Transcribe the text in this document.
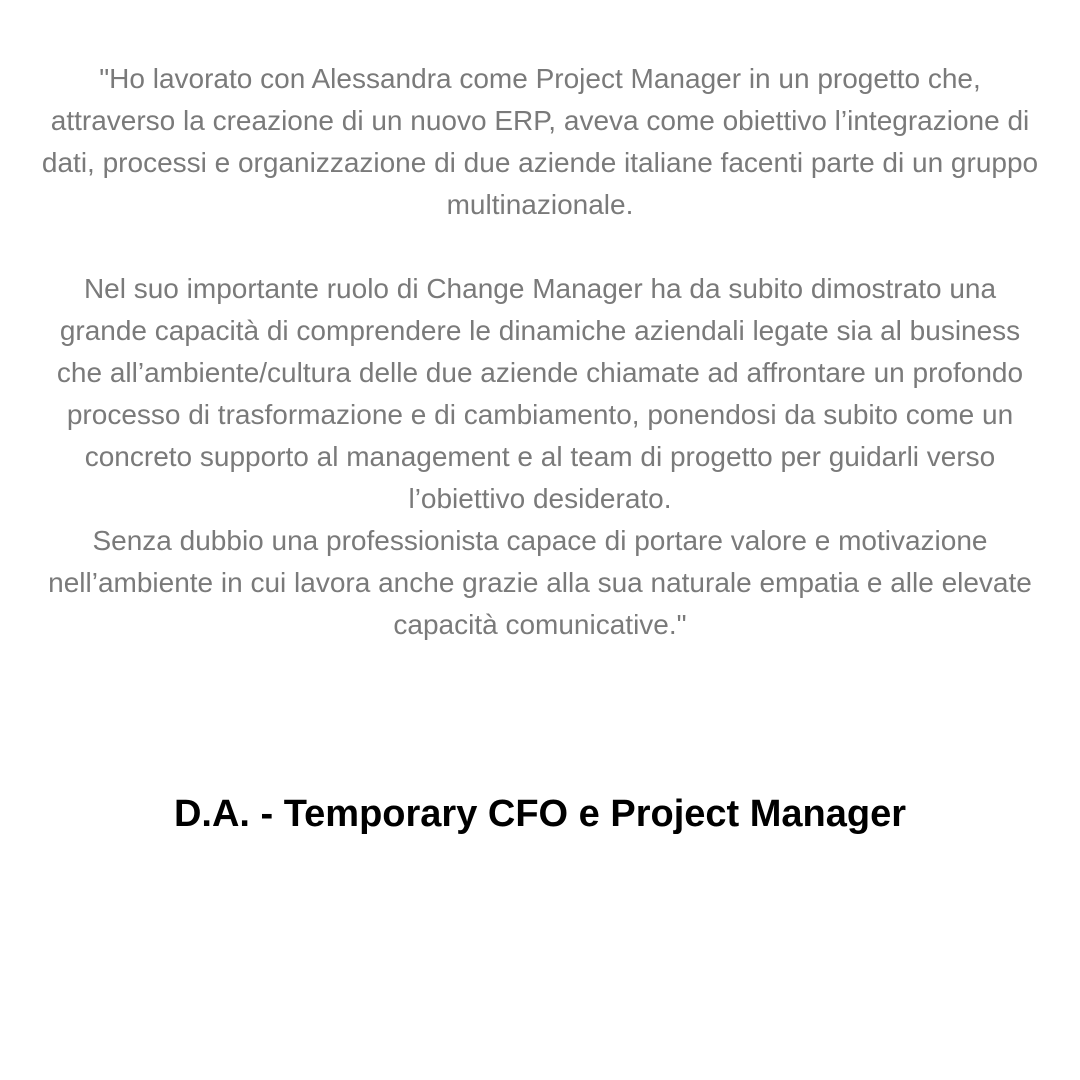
"Ho lavorato con Alessandra come Project Manager in un progetto che, attraverso la creazione di un nuovo ERP, aveva come obiettivo l’integrazione di dati, processi e organizzazione di due aziende italiane facenti parte di un gruppo multinazionale.

Nel suo importante ruolo di Change Manager ha da subito dimostrato una grande capacità di comprendere le dinamiche aziendali legate sia al business che all’ambiente/cultura delle due aziende chiamate ad affrontare un profondo processo di trasformazione e di cambiamento, ponendosi da subito come un concreto supporto al management e al team di progetto per guidarli verso l’obiettivo desiderato.

Senza dubbio una professionista capace di portare valore e motivazione nell’ambiente in cui lavora anche grazie alla sua naturale empatia e alle elevate capacità comunicative."

D.A. - Temporary CFO e Project Manager
